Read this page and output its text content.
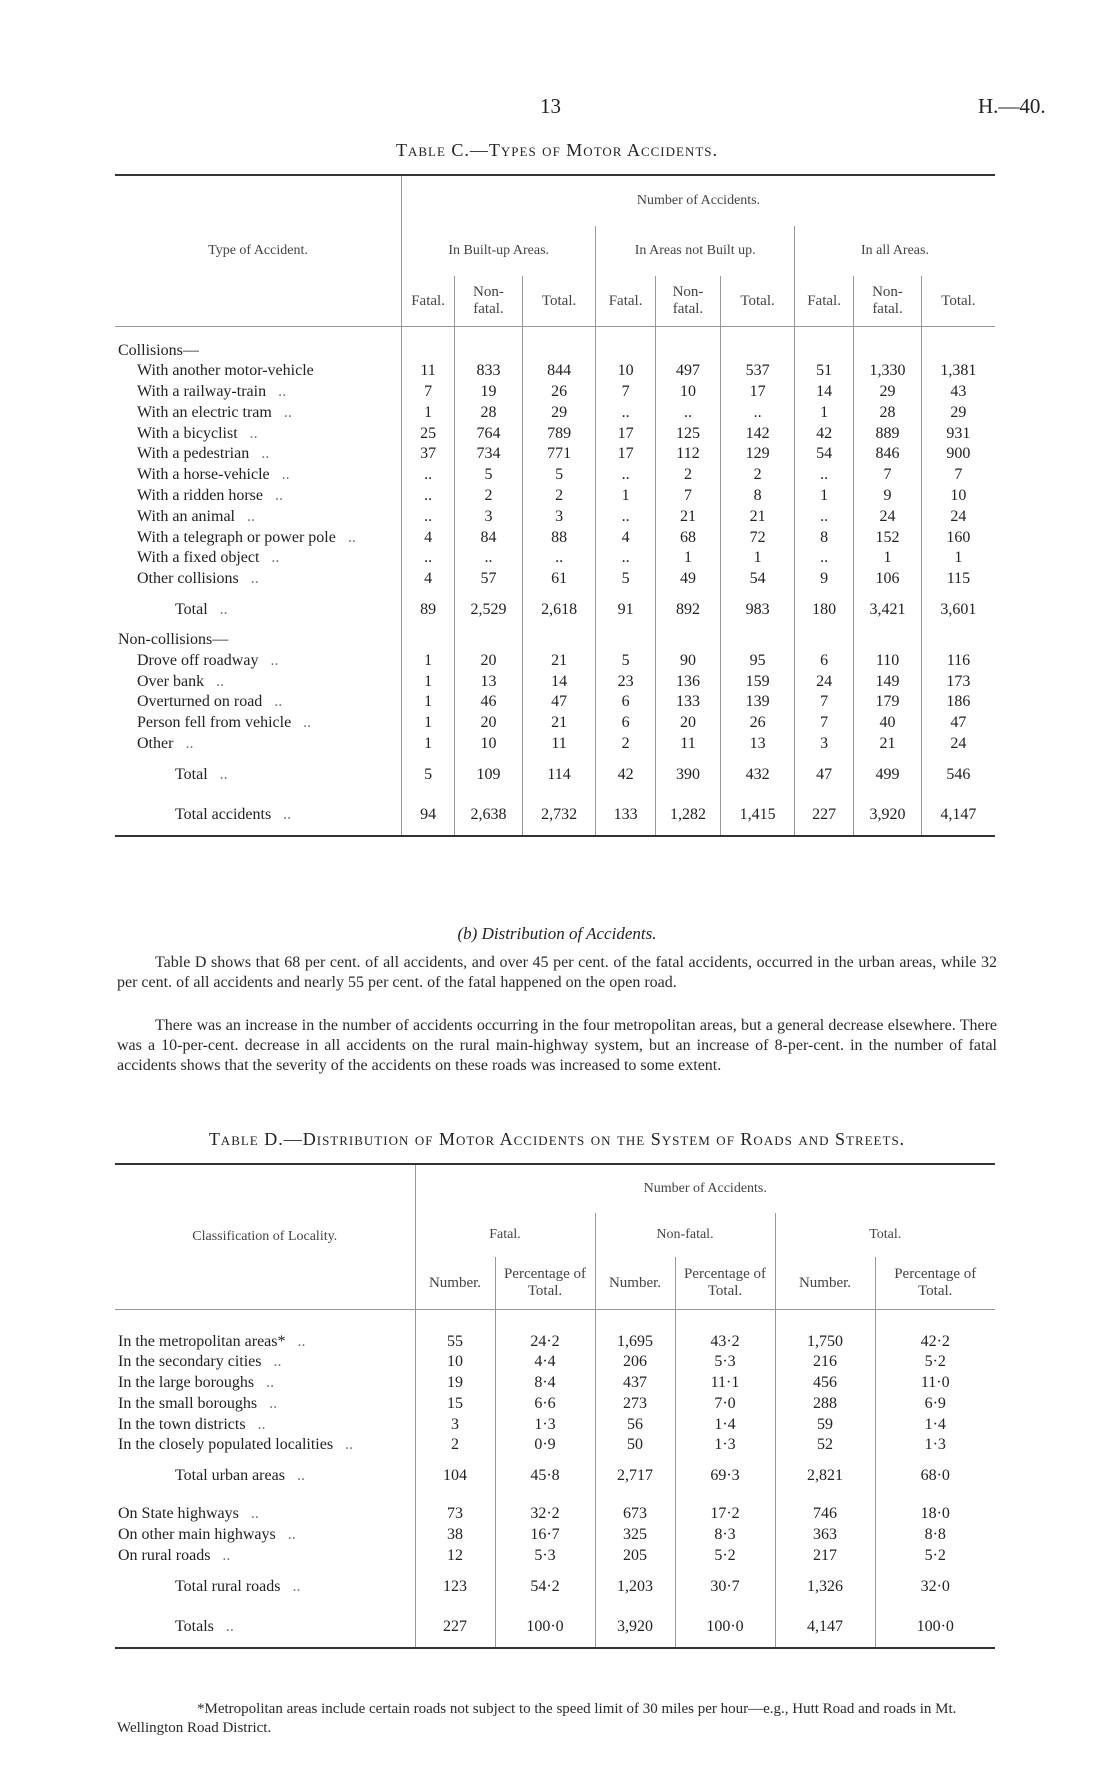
13	H.—40.
Table C.—Types of Motor Accidents.
Type of Accident.	Number of Accidents.								
	In Built-up Areas.			In Areas not Built up.			In all Areas.		
	Fatal.	Non-fatal.	Total.	Fatal.	Non-fatal.	Total.	Fatal.	Non-fatal.	Total.

Collisions—									
With another motor-vehicle	11	833	844	10	497	537	51	1,330	1,381
With a railway-train ..	7	19	26	7	10	17	14	29	43
With an electric tram ..	1	28	29	..	..	..	1	28	29
With a bicyclist ..	25	764	789	17	125	142	42	889	931
With a pedestrian ..	37	734	771	17	112	129	54	846	900
With a horse-vehicle ..	..	5	5	..	2	2	..	7	7
With a ridden horse ..	..	2	2	1	7	8	1	9	10
With an animal ..	..	3	3	..	21	21	..	24	24
With a telegraph or power pole ..	4	84	88	4	68	72	8	152	160
With a fixed object ..	..	..	..	..	1	1	..	1	1
Other collisions ..	4	57	61	5	49	54	9	106	115
Total ..	89	2,529	2,618	91	892	983	180	3,421	3,601
Non-collisions—									
Drove off roadway ..	1	20	21	5	90	95	6	110	116
Over bank ..	1	13	14	23	136	159	24	149	173
Overturned on road ..	1	46	47	6	133	139	7	179	186
Person fell from vehicle ..	1	20	21	6	20	26	7	40	47
Other ..	1	10	11	2	11	13	3	21	24
Total ..	5	109	114	42	390	432	47	499	546
Total accidents ..	94	2,638	2,732	133	1,282	1,415	227	3,920	4,147
(b) Distribution of Accidents.
Table D shows that 68 per cent. of all accidents, and over 45 per cent. of the fatal accidents, occurred in the urban areas, while 32 per cent. of all accidents and nearly 55 per cent. of the fatal happened on the open road.
There was an increase in the number of accidents occurring in the four metropolitan areas, but a general decrease elsewhere. There was a 10-per-cent. decrease in all accidents on the rural main-highway system, but an increase of 8-per-cent. in the number of fatal accidents shows that the severity of the accidents on these roads was increased to some extent.
Table D.—Distribution of Motor Accidents on the System of Roads and Streets.
Classification of Locality.	Number of Accidents.					
	Fatal.		Non-fatal.		Total.	
	Number.	Percentage of Total.	Number.	Percentage of Total.	Number.	Percentage of Total.

In the metropolitan areas* ..	55	24·2	1,695	43·2	1,750	42·2
In the secondary cities ..	10	4·4	206	5·3	216	5·2
In the large boroughs ..	19	8·4	437	11·1	456	11·0
In the small boroughs ..	15	6·6	273	7·0	288	6·9
In the town districts ..	3	1·3	56	1·4	59	1·4
In the closely populated localities ..	2	0·9	50	1·3	52	1·3
Total urban areas ..	104	45·8	2,717	69·3	2,821	68·0

On State highways ..	73	32·2	673	17·2	746	18·0
On other main highways ..	38	16·7	325	8·3	363	8·8
On rural roads ..	12	5·3	205	5·2	217	5·2
Total rural roads ..	123	54·2	1,203	30·7	1,326	32·0
Totals ..	227	100·0	3,920	100·0	4,147	100·0
*Metropolitan areas include certain roads not subject to the speed limit of 30 miles per hour—e.g., Hutt Road and roads in Mt. Wellington Road District.
